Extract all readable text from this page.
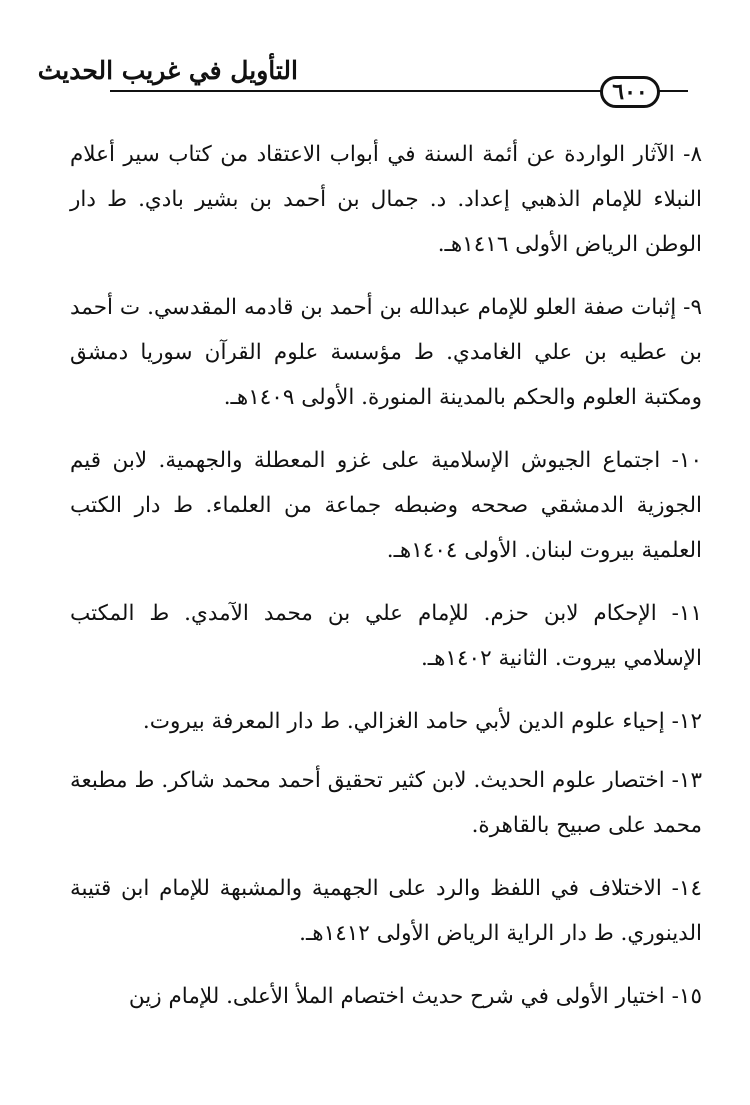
التأويل في غريب الحديث
٦٠٠

٨- الآثار الواردة عن أئمة السنة في أبواب الاعتقاد من كتاب سير أعلام النبلاء للإمام الذهبي إعداد. د. جمال بن أحمد بن بشير بادي. ط دار الوطن الرياض الأولى ١٤١٦هـ.

٩- إثبات صفة العلو للإمام عبدالله بن أحمد بن قادمه المقدسي. ت أحمد بن عطيه بن علي الغامدي. ط مؤسسة علوم القرآن سوريا دمشق ومكتبة العلوم والحكم بالمدينة المنورة. الأولى ١٤٠٩هـ.

١٠- اجتماع الجيوش الإسلامية على غزو المعطلة والجهمية. لابن قيم الجوزية الدمشقي صححه وضبطه جماعة من العلماء. ط دار الكتب العلمية بيروت لبنان. الأولى ١٤٠٤هـ.

١١- الإحكام لابن حزم. للإمام علي بن محمد الآمدي. ط المكتب الإسلامي بيروت. الثانية ١٤٠٢هـ.

١٢- إحياء علوم الدين لأبي حامد الغزالي. ط دار المعرفة بيروت.

١٣- اختصار علوم الحديث. لابن كثير تحقيق أحمد محمد شاكر. ط مطبعة محمد على صبيح بالقاهرة.

١٤- الاختلاف في اللفظ والرد على الجهمية والمشبهة للإمام ابن قتيبة الدينوري. ط دار الراية الرياض الأولى ١٤١٢هـ.

١٥- اختيار الأولى في شرح حديث اختصام الملأ الأعلى. للإمام زين
